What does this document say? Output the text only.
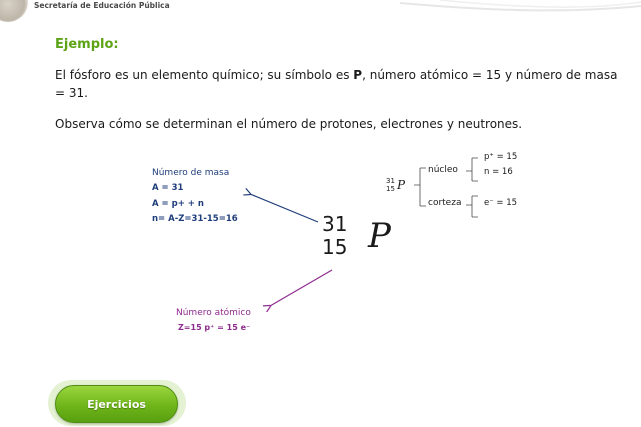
Secretaría de Educación Pública
Ejemplo:

El fósforo es un elemento químico; su símbolo es P, número atómico = 15 y número de masa = 31.

Observa cómo se determinan el número de protones, electrones y neutrones.

Número de masa
A = 31
A = p+ + n
n= A-Z=31-15=16	31
15 P
Número atómico
Z=15 p⁺ = 15 e⁻
31
15 P
núcleo
corteza
p⁺ = 15
n = 16
e⁻ = 15
Ejercicios
